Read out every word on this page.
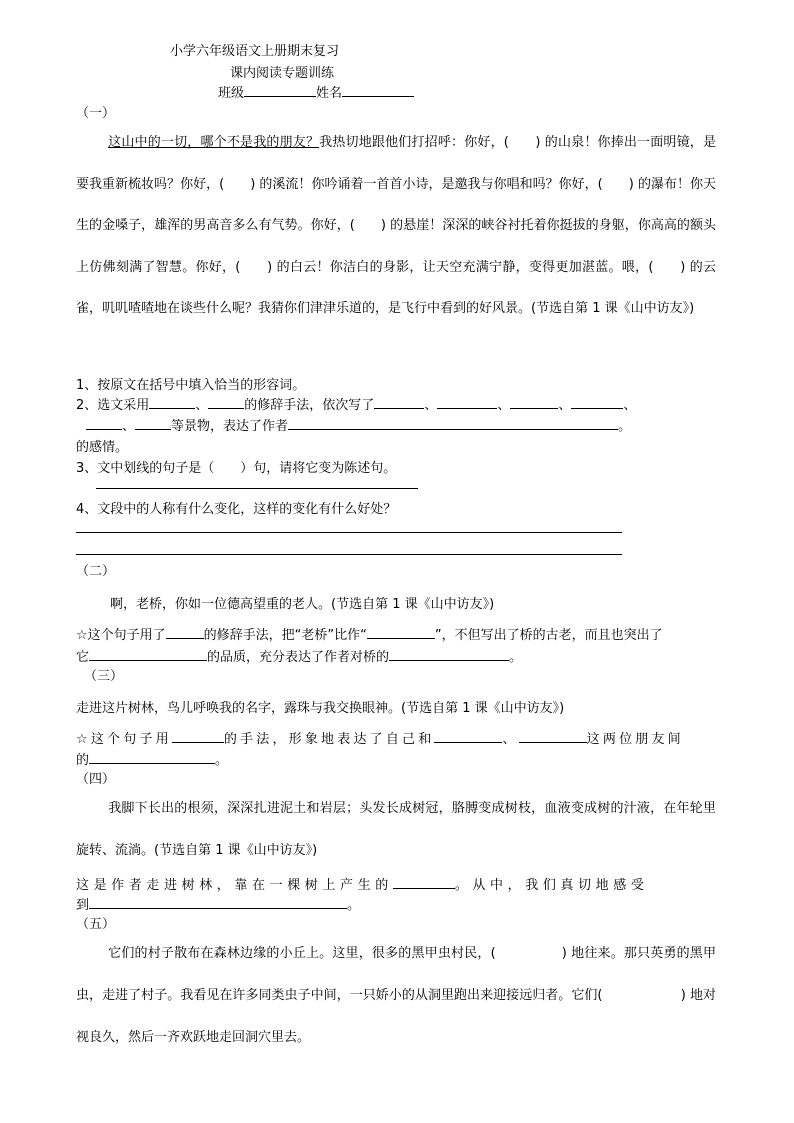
小学六年级语文上册期末复习
课内阅读专题训练
班级	姓名
（一）
这山中的一切，哪个不是我的朋友？我热切地跟他们打招呼：你好，(　　) 的山泉！你捧出一面明镜，是要我重新梳妆吗？你好，(　　) 的溪流！你吟诵着一首首小诗，是邀我与你唱和吗？你好，(　　) 的瀑布！你天生的金嗓子，雄浑的男高音多么有气势。你好，(　　) 的悬崖！深深的峡谷衬托着你挺拔的身躯，你高高的额头上仿佛刻满了智慧。你好，(　　) 的白云！你洁白的身影，让天空充满宁静，变得更加湛蓝。喂，(　　) 的云雀，叽叽喳喳地在谈些什么呢？我猜你们津津乐道的，是飞行中看到的好风景。(节选自第 1 课《山中访友》)
1、按原文在括号中填入恰当的形容词。
2、选文采用	、	的修辞手法，依次写了	、	、	、	、
、	等景物，表达了作者	。
的感情。
3、文中划线的句子是（　　）句，请将它变为陈述句。
4、文段中的人称有什么变化，这样的变化有什么好处？
（二）
啊，老桥，你如一位德高望重的老人。(节选自第 1 课《山中访友》)
☆这个句子用了	的修辞手法，把“老桥”比作“	”，不但写出了桥的古老，而且也突出了
它	的品质，充分表达了作者对桥的	。
（三）
走进这片树林，鸟儿呼唤我的名字，露珠与我交换眼神。(节选自第 1 课《山中访友》)
☆这个句子用	的手法，形象地表达了自己和	、	这两位朋友间
的	。
（四）
我脚下长出的根须，深深扎进泥土和岩层；头发长成树冠，胳膊变成树枝，血液变成树的汁液，在年轮里旋转、流淌。(节选自第 1 课《山中访友》)
这是作者走进树林，靠在一棵树上产生的	。从中，我们真切地感受
到	。
（五）
它们的村子散布在森林边缘的小丘上。这里，很多的黑甲虫村民，(　　　　　) 地往来。那只英勇的黑甲虫，走进了村子。我看见在许多同类虫子中间，一只娇小的从洞里跑出来迎接远归者。它们(　　　　　　) 地对视良久，然后一齐欢跃地走回洞穴里去。
